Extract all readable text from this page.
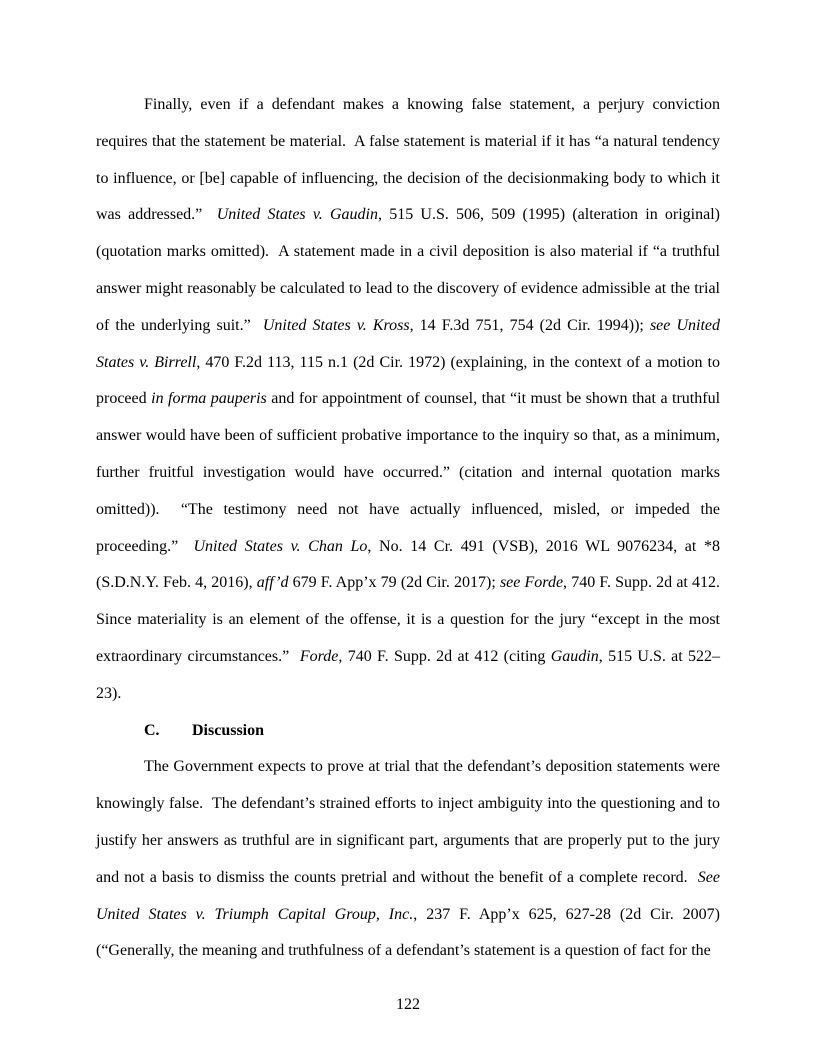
Finally, even if a defendant makes a knowing false statement, a perjury conviction requires that the statement be material.  A false statement is material if it has “a natural tendency to influence, or [be] capable of influencing, the decision of the decisionmaking body to which it was addressed.”  United States v. Gaudin, 515 U.S. 506, 509 (1995) (alteration in original) (quotation marks omitted).  A statement made in a civil deposition is also material if “a truthful answer might reasonably be calculated to lead to the discovery of evidence admissible at the trial of the underlying suit.”  United States v. Kross, 14 F.3d 751, 754 (2d Cir. 1994)); see United States v. Birrell, 470 F.2d 113, 115 n.1 (2d Cir. 1972) (explaining, in the context of a motion to proceed in forma pauperis and for appointment of counsel, that “it must be shown that a truthful answer would have been of sufficient probative importance to the inquiry so that, as a minimum, further fruitful investigation would have occurred.” (citation and internal quotation marks omitted)).  “The testimony need not have actually influenced, misled, or impeded the proceeding.”  United States v. Chan Lo, No. 14 Cr. 491 (VSB), 2016 WL 9076234, at *8 (S.D.N.Y. Feb. 4, 2016), aff’d 679 F. App’x 79 (2d Cir. 2017); see Forde, 740 F. Supp. 2d at 412.  Since materiality is an element of the offense, it is a question for the jury “except in the most extraordinary circumstances.”  Forde, 740 F. Supp. 2d at 412 (citing Gaudin, 515 U.S. at 522–23).

C. Discussion

The Government expects to prove at trial that the defendant’s deposition statements were knowingly false.  The defendant’s strained efforts to inject ambiguity into the questioning and to justify her answers as truthful are in significant part, arguments that are properly put to the jury and not a basis to dismiss the counts pretrial and without the benefit of a complete record.  See United States v. Triumph Capital Group, Inc., 237 F. App’x 625, 627-28 (2d Cir. 2007) (“Generally, the meaning and truthfulness of a defendant’s statement is a question of fact for the

122
